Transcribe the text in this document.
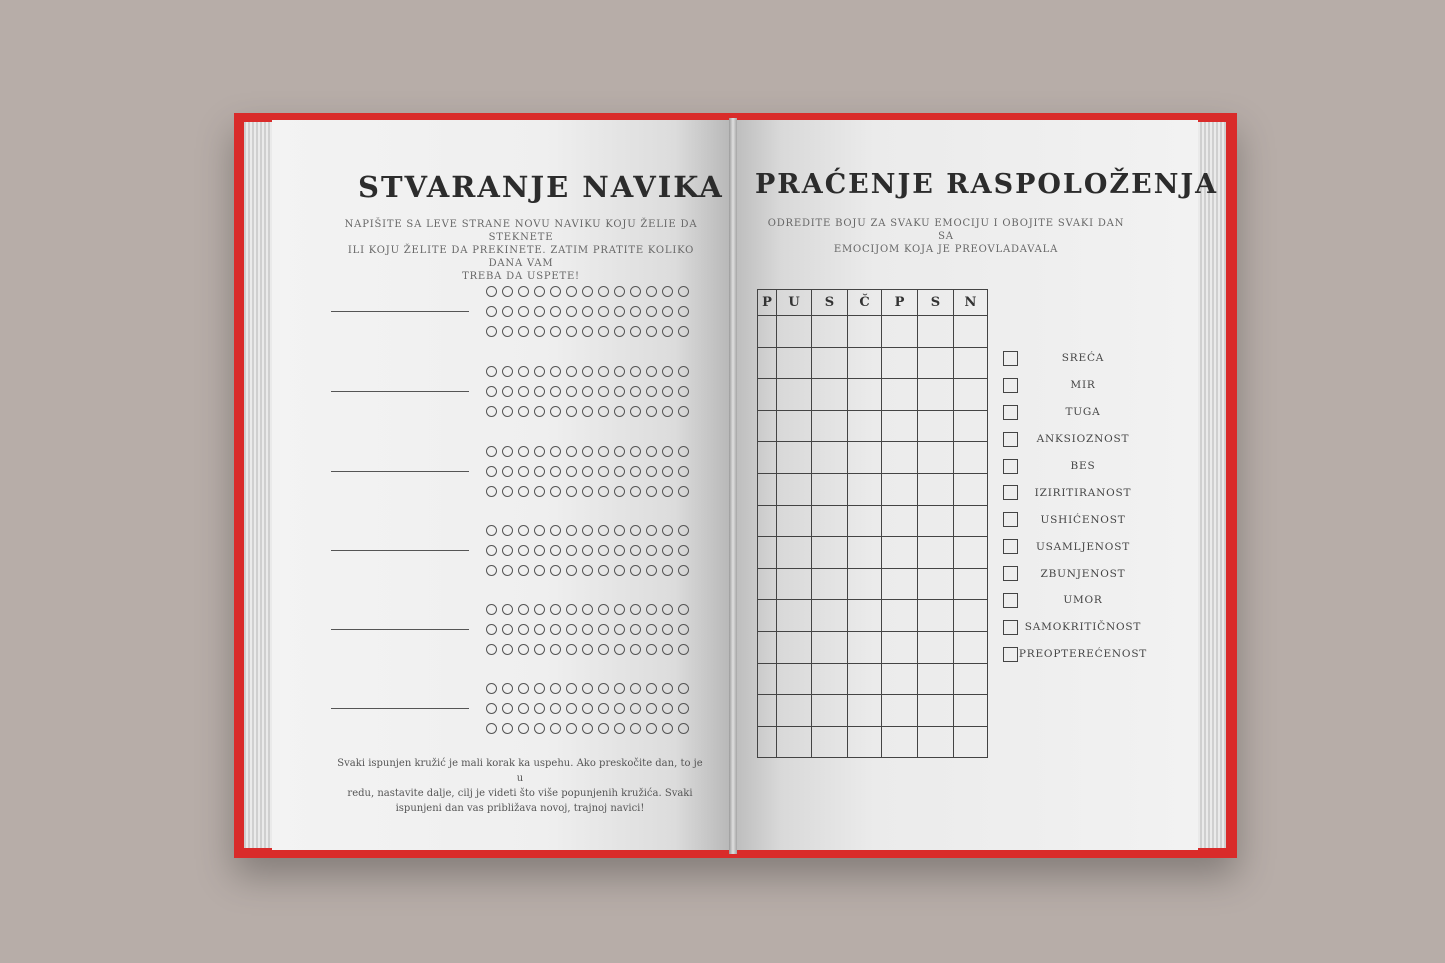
STVARANJE NAVIKA
NAPIŠITE SA LEVE STRANE NOVU NAVIKU KOJU ŽELIE DA STEKNETE
ILI KOJU ŽELITE DA PREKINETE. ZATIM PRATITE KOLIKO DANA VAM
TREBA DA USPETE!
Svaki ispunjen kružić je mali korak ka uspehu. Ako preskočite dan, to je u
redu, nastavite dalje, cilj je videti što više popunjenih kružića. Svaki
ispunjeni dan vas približava novoj, trajnoj navici!
PRAĆENJE RASPOLOŽENJA
ODREDITE BOJU ZA SVAKU EMOCIJU I OBOJITE SVAKI DAN SA
EMOCIJOM KOJA JE PREOVLADAVALA
P	U	S	Č	P	S	N

SREĆA
MIR
TUGA
ANKSIOZNOST
BES
IZIRITIRANOST
USHIĆENOST
USAMLJENOST
ZBUNJENOST
UMOR
SAMOKRITIČNOST
PREOPTEREĆENOST
